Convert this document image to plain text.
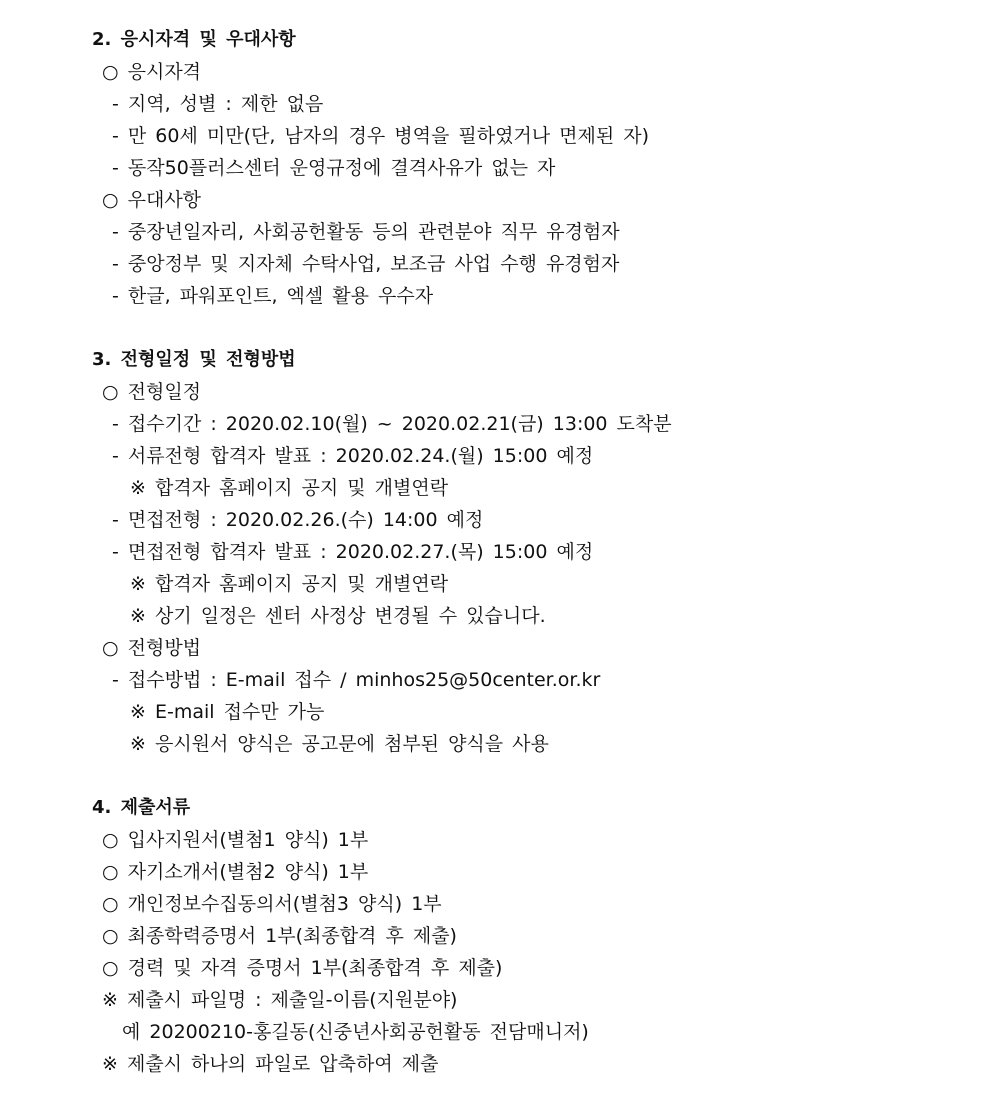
2. 응시자격 및 우대사항
○ 응시자격
- 지역, 성별 : 제한 없음
- 만 60세 미만(단, 남자의 경우 병역을 필하였거나 면제된 자)
- 동작50플러스센터 운영규정에 결격사유가 없는 자
○ 우대사항
- 중장년일자리, 사회공헌활동 등의 관련분야 직무 유경험자
- 중앙정부 및 지자체 수탁사업, 보조금 사업 수행 유경험자
- 한글, 파워포인트, 엑셀 활용 우수자
3. 전형일정 및 전형방법
○ 전형일정
- 접수기간 : 2020.02.10(월) ~ 2020.02.21(금) 13:00 도착분
- 서류전형 합격자 발표 : 2020.02.24.(월) 15:00 예정
※ 합격자 홈페이지 공지 및 개별연락
- 면접전형 : 2020.02.26.(수) 14:00 예정
- 면접전형 합격자 발표 : 2020.02.27.(목) 15:00 예정
※ 합격자 홈페이지 공지 및 개별연락
※ 상기 일정은 센터 사정상 변경될 수 있습니다.
○ 전형방법
- 접수방법 : E-mail 접수 / minhos25@50center.or.kr
※ E-mail 접수만 가능
※ 응시원서 양식은 공고문에 첨부된 양식을 사용
4. 제출서류
○ 입사지원서(별첨1 양식) 1부
○ 자기소개서(별첨2 양식) 1부
○ 개인정보수집동의서(별첨3 양식) 1부
○ 최종학력증명서 1부(최종합격 후 제출)
○ 경력 및 자격 증명서 1부(최종합격 후 제출)
※ 제출시 파일명 : 제출일-이름(지원분야)
예 20200210-홍길동(신중년사회공헌활동 전담매니저)
※ 제출시 하나의 파일로 압축하여 제출
